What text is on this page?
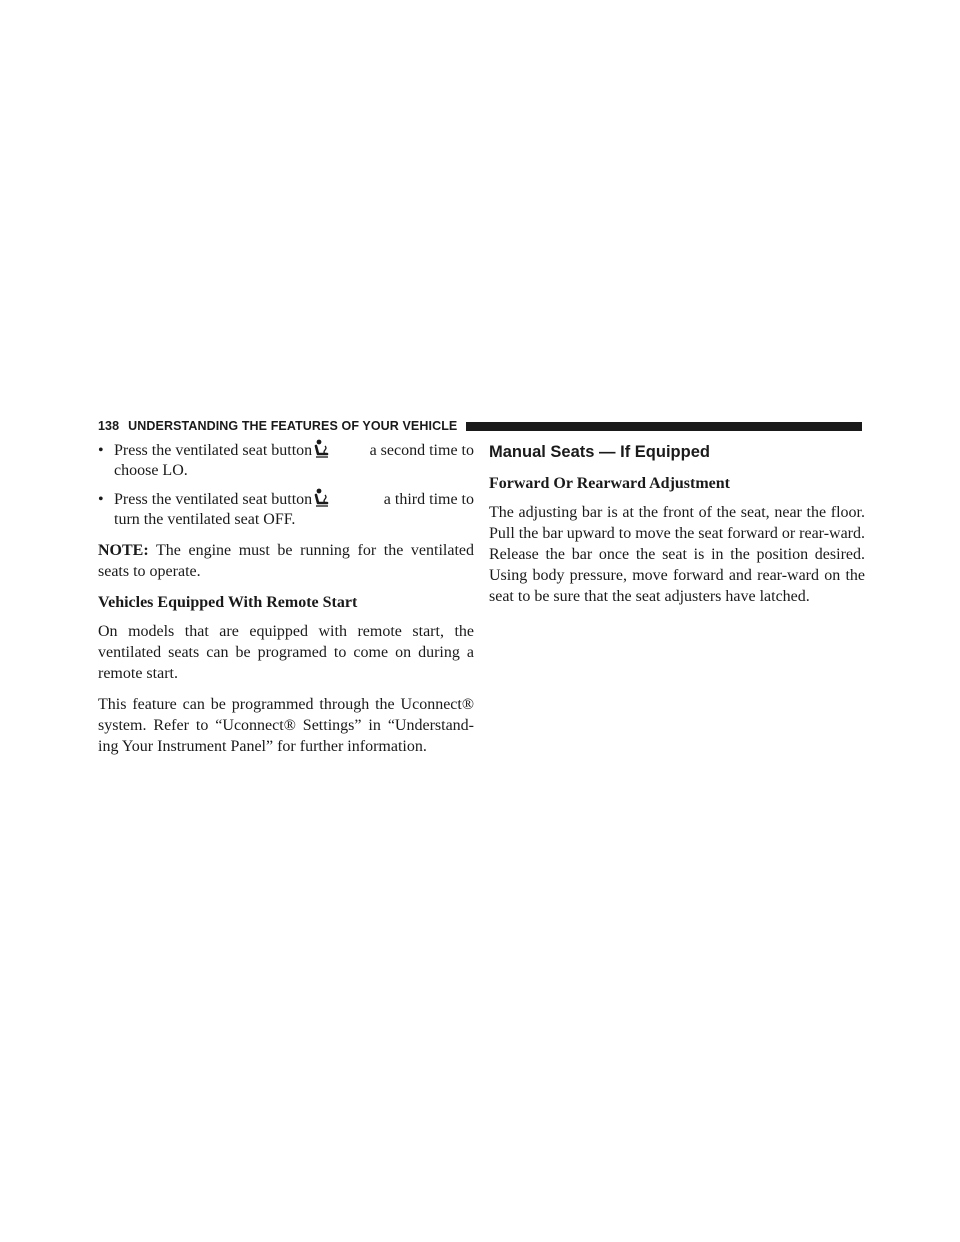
138 UNDERSTANDING THE FEATURES OF YOUR VEHICLE
• Press the ventilated seat button	a second time to

choose LO.

• Press the ventilated seat button	a third time to

turn the ventilated seat OFF.

NOTE: The engine must be running for the ventilated seats to operate.

Vehicles Equipped With Remote Start

On models that are equipped with remote start, the ventilated seats can be programed to come on during a remote start.

This feature can be programmed through the Uconnect® system. Refer to “Uconnect® Settings” in “Understand-ing Your Instrument Panel” for further information.

Manual Seats — If Equipped

Forward Or Rearward Adjustment

The adjusting bar is at the front of the seat, near the floor. Pull the bar upward to move the seat forward or rear-ward. Release the bar once the seat is in the position desired. Using body pressure, move forward and rear-ward on the seat to be sure that the seat adjusters have latched.
